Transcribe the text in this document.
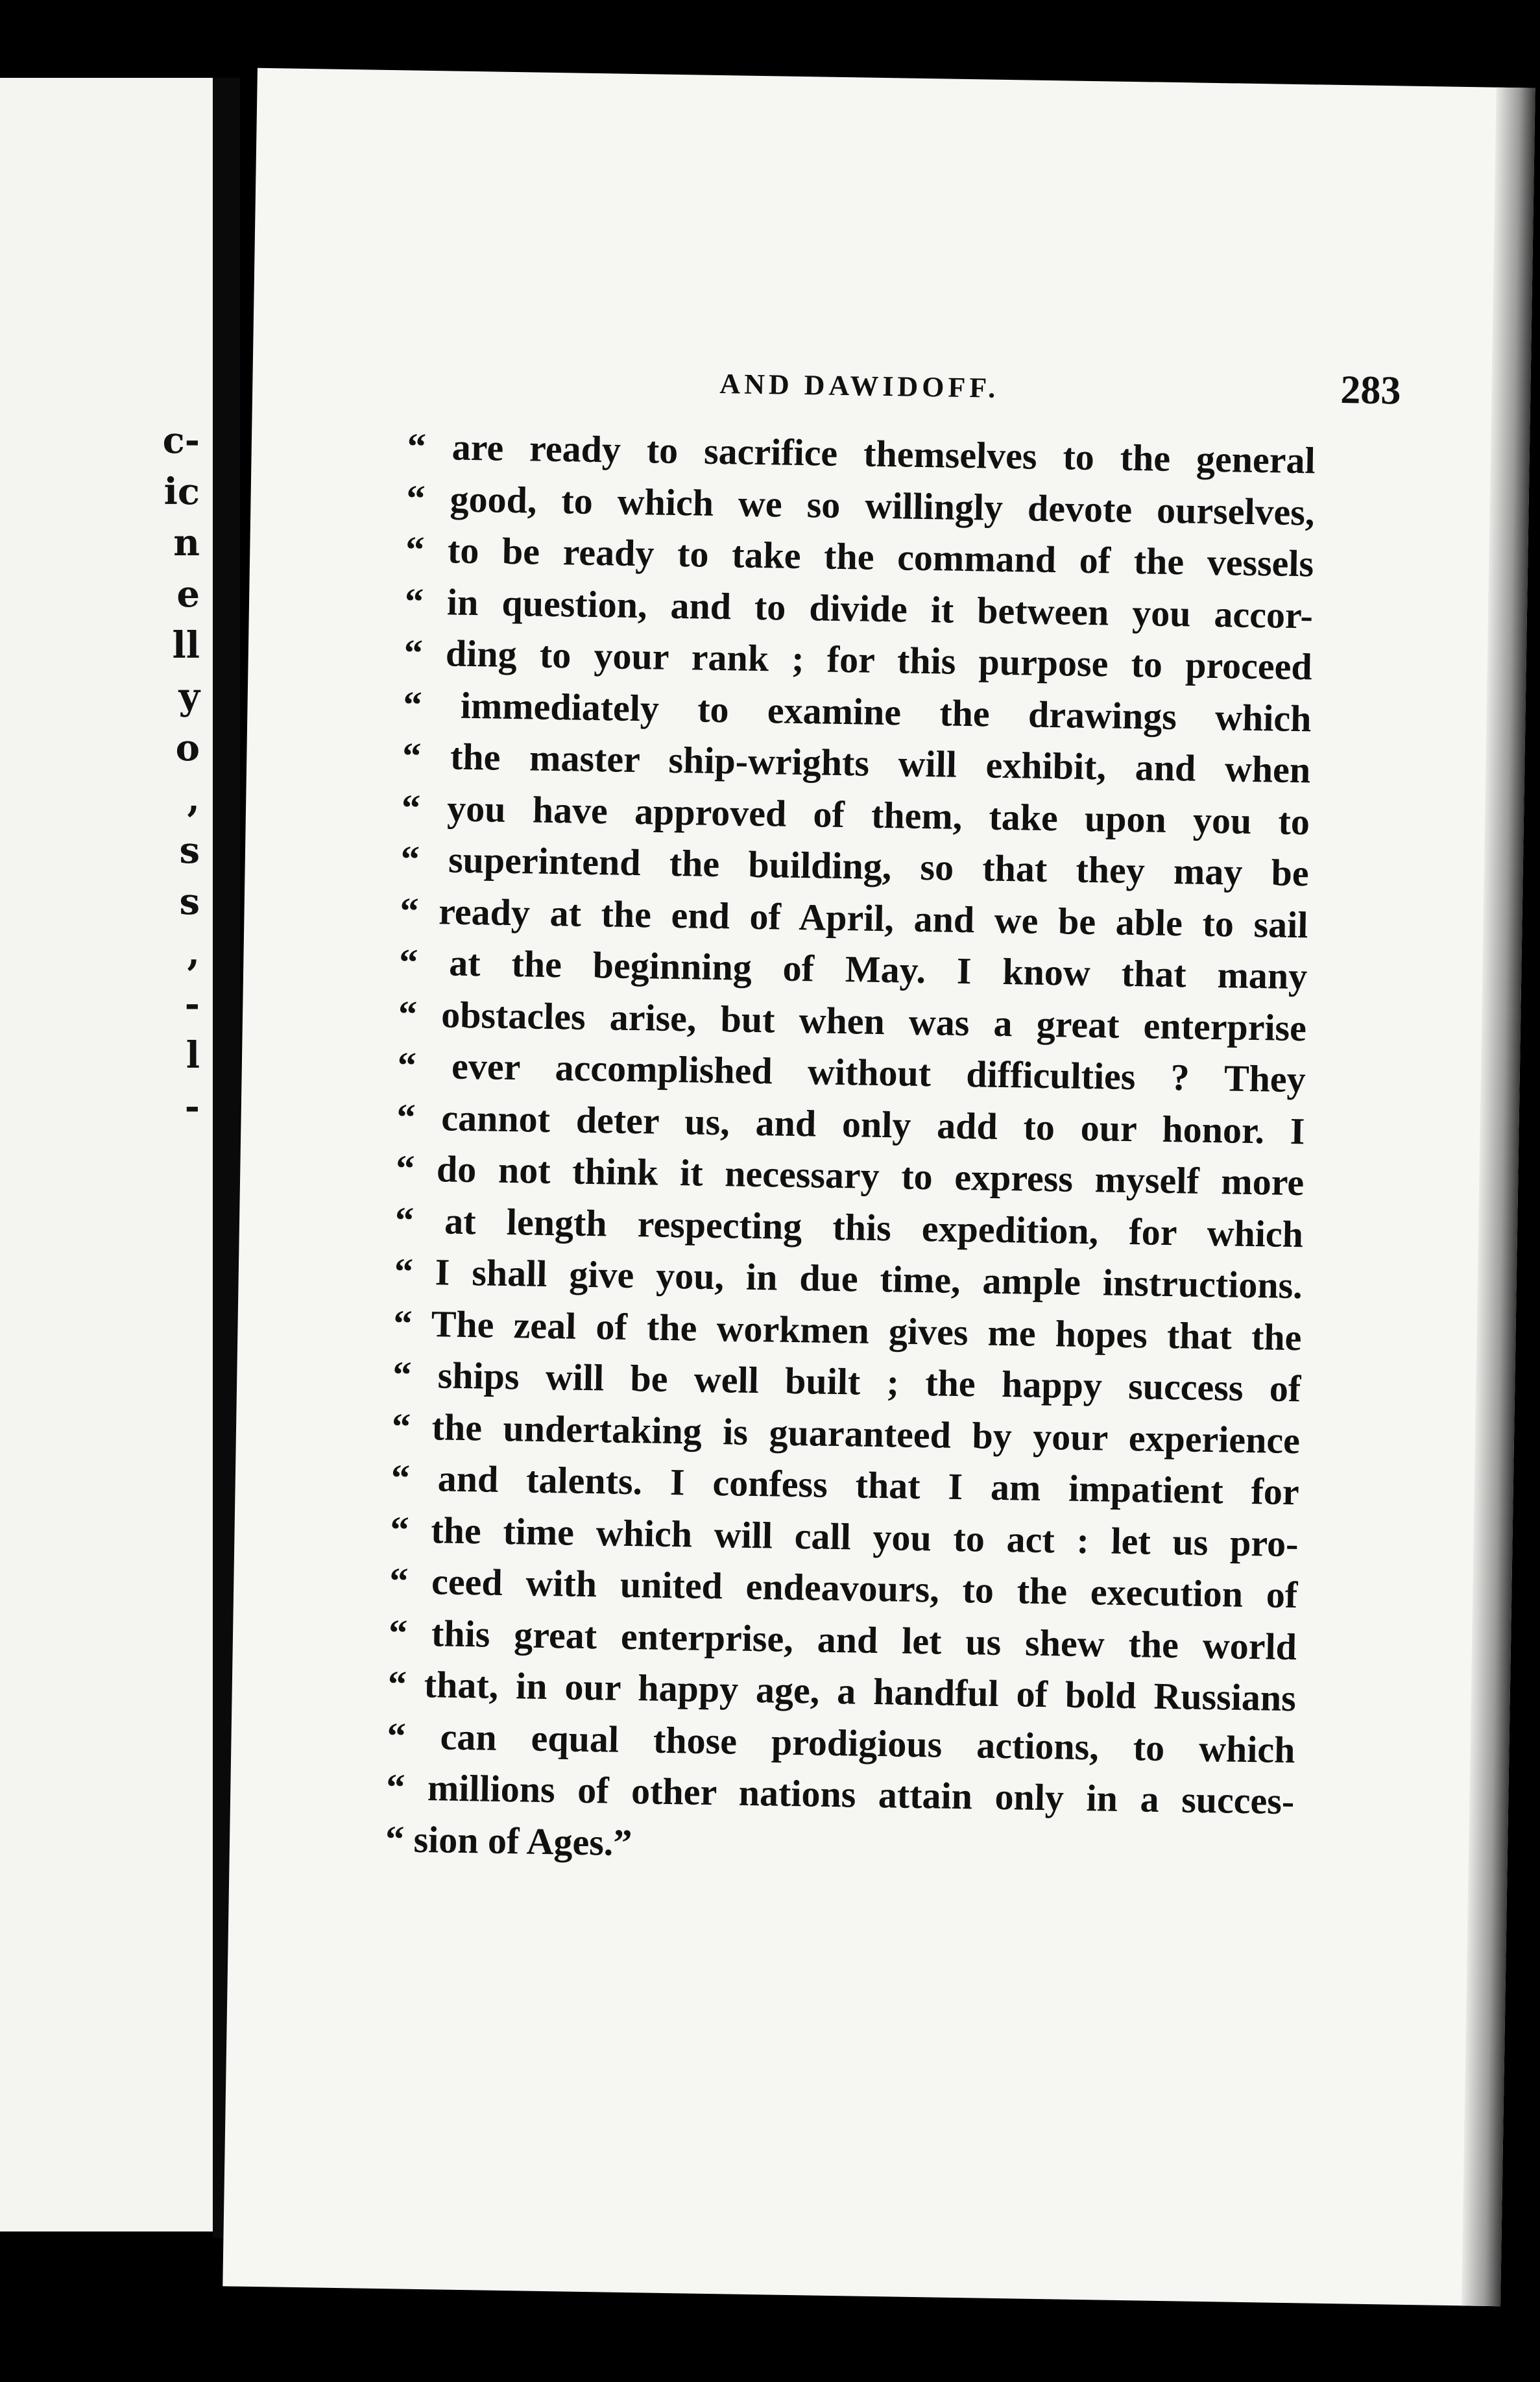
c-
ic
n
e
ll
y
o
,
s
s
,
-
l
-
AND DAWIDOFF.	283
“ are ready to sacrifice themselves to the general
“ good, to which we so willingly devote ourselves,
“ to be ready to take the command of the vessels
“ in question, and to divide it between you accor-
“ ding to your rank ; for this purpose to proceed
“ immediately to examine the drawings which
“ the master ship-wrights will exhibit, and when
“ you have approved of them, take upon you to
“ superintend the building, so that they may be
“ ready at the end of April, and we be able to sail
“ at the beginning of May. I know that many
“ obstacles arise, but when was a great enterprise
“ ever accomplished without difficulties ? They
“ cannot deter us, and only add to our honor. I
“ do not think it necessary to express myself more
“ at length respecting this expedition, for which
“ I shall give you, in due time, ample instructions.
“ The zeal of the workmen gives me hopes that the
“ ships will be well built ; the happy success of
“ the undertaking is guaranteed by your experience
“ and talents. I confess that I am impatient for
“ the time which will call you to act : let us pro-
“ ceed with united endeavours, to the execution of
“ this great enterprise, and let us shew the world
“ that, in our happy age, a handful of bold Russians
“ can equal those prodigious actions, to which
“ millions of other nations attain only in a succes-
“ sion of Ages.”
